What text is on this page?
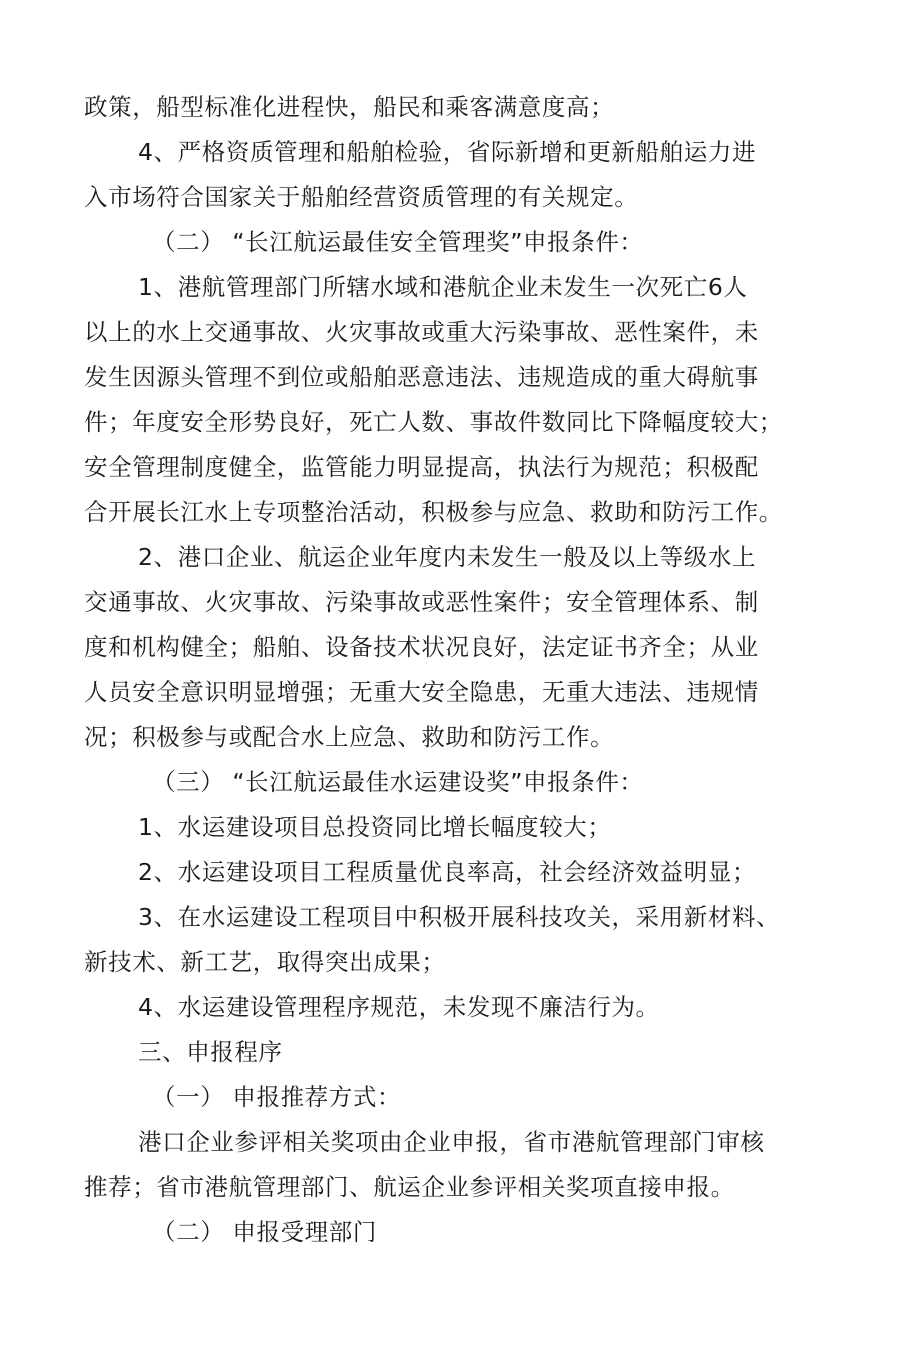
政策，船型标准化进程快，船民和乘客满意度高；

4、严格资质管理和船舶检验，省际新增和更新船舶运力进

入市场符合国家关于船舶经营资质管理的有关规定。

（二） “长江航运最佳安全管理奖”申报条件：

1、港航管理部门所辖水域和港航企业未发生一次死亡6人

以上的水上交通事故、火灾事故或重大污染事故、恶性案件，未

发生因源头管理不到位或船舶恶意违法、违规造成的重大碍航事

件；年度安全形势良好，死亡人数、事故件数同比下降幅度较大；

安全管理制度健全，监管能力明显提高，执法行为规范；积极配

合开展长江水上专项整治活动，积极参与应急、救助和防污工作。

2、港口企业、航运企业年度内未发生一般及以上等级水上

交通事故、火灾事故、污染事故或恶性案件；安全管理体系、制

度和机构健全；船舶、设备技术状况良好，法定证书齐全；从业

人员安全意识明显增强；无重大安全隐患，无重大违法、违规情

况；积极参与或配合水上应急、救助和防污工作。

（三） “长江航运最佳水运建设奖”申报条件：

1、水运建设项目总投资同比增长幅度较大；

2、水运建设项目工程质量优良率高，社会经济效益明显；

3、在水运建设工程项目中积极开展科技攻关，采用新材料、

新技术、新工艺，取得突出成果；

4、水运建设管理程序规范，未发现不廉洁行为。

三、申报程序

（一） 申报推荐方式：

港口企业参评相关奖项由企业申报，省市港航管理部门审核

推荐；省市港航管理部门、航运企业参评相关奖项直接申报。

（二） 申报受理部门
